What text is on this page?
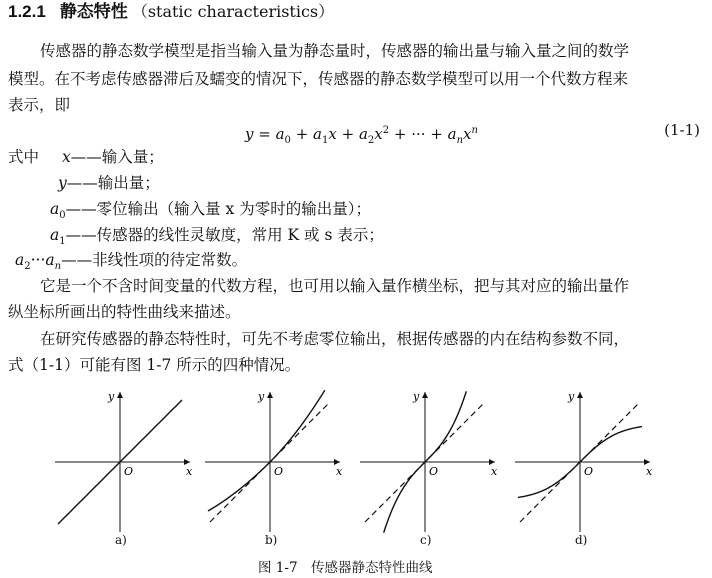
1.2.1 静态特性 （static characteristics）
传感器的静态数学模型是指当输入量为静态量时，传感器的输出量与输入量之间的数学
模型。在不考虑传感器滞后及蠕变的情况下，传感器的静态数学模型可以用一个代数方程来
表示，即
$y = a_0 + a_1x + a_2x^2$ + ··· + $a_nx^n$	(1-1)
式中 x——输入量；
y——输出量；
$a_0——$零位输出（输入量 x 为零时的输出量）；
$a_1——$传感器的线性灵敏度，常用 K 或 s 表示；
$a_2\cdot\cdot\cdot a_n——$非线性项的待定常数。
它是一个不含时间变量的代数方程，也可用以输入量作横坐标，把与其对应的输出量作
纵坐标所画出的特性曲线来描述。
在研究传感器的静态特性时，可先不考虑零位输出，根据传感器的内在结构参数不同，
式（1-1）可能有图 1-7 所示的四种情况。
x
y
O	x
y
O	x
y
O	x
y
O
a)	b)	c)	d)
图 1-7　传感器静态特性曲线
